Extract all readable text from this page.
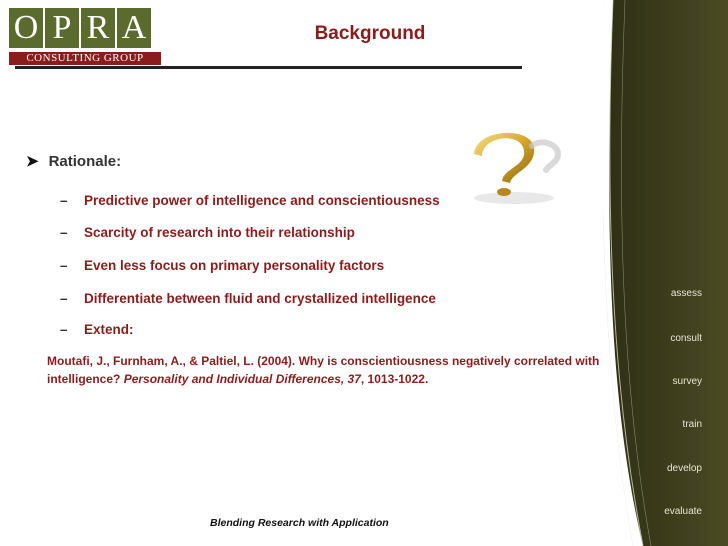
O P R A
CONSULTING GROUP
Background
➤ Rationale:
– Predictive power of intelligence and conscientiousness
– Scarcity of research into their relationship
– Even less focus on primary personality factors
– Differentiate between fluid and crystallized intelligence
– Extend:
Moutafi, J., Furnham, A., & Paltiel, L. (2004). Why is conscientiousness negatively correlated with intelligence? Personality and Individual Differences, 37, 1013-1022.
assess
consult
survey
train
develop
evaluate
Blending Research with Application
